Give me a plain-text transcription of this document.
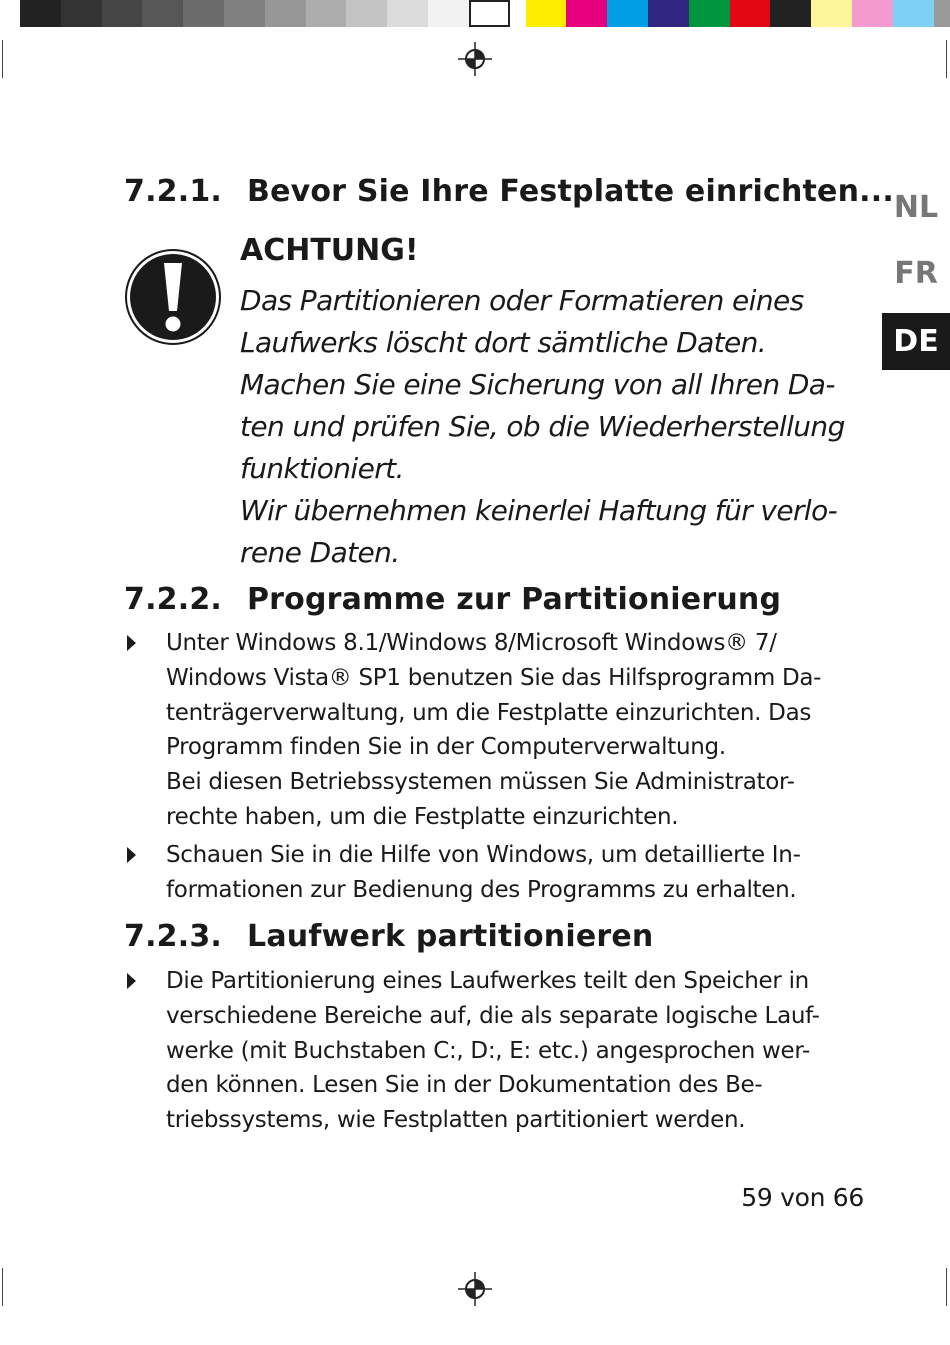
NL
FR
DE
7.2.1. Bevor Sie Ihre Festplatte einrichten...
ACHTUNG!

Das Partitionieren oder Formatieren eines
Laufwerks löscht dort sämtliche Daten.
Machen Sie eine Sicherung von all Ihren Da-
ten und prüfen Sie, ob die Wiederherstellung
funktioniert.
Wir übernehmen keinerlei Haftung für verlo-
rene Daten.

7.2.2. Programme zur Partitionierung

Unter Windows 8.1/Windows 8/Microsoft Windows® 7/
Windows Vista® SP1 benutzen Sie das Hilfsprogramm Da-
tenträgerverwaltung, um die Festplatte einzurichten. Das
Programm finden Sie in der Computerverwaltung.
Bei diesen Betriebssystemen müssen Sie Administrator-
rechte haben, um die Festplatte einzurichten.

Schauen Sie in die Hilfe von Windows, um detaillierte In-
formationen zur Bedienung des Programms zu erhalten.

7.2.3. Laufwerk partitionieren

Die Partitionierung eines Laufwerkes teilt den Speicher in
verschiedene Bereiche auf, die als separate logische Lauf-
werke (mit Buchstaben C:, D:, E: etc.) angesprochen wer-
den können. Lesen Sie in der Dokumentation des Be-
triebssystems, wie Festplatten partitioniert werden.

59 von 66
